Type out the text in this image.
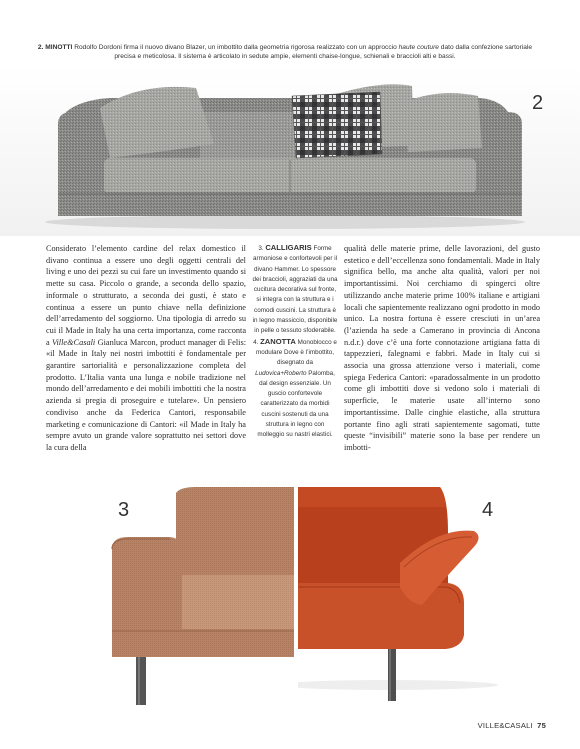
2. MINOTTI Rodolfo Dordoni firma il nuovo divano Blazer, un imbottito dalla geometria rigorosa realizzato con un approccio haute couture dato dalla confezione sartoriale precisa e meticolosa. Il sistema è articolato in sedute ampie, elementi chaise-longue, schienali e braccioli alti e bassi.
2

Considerato l’elemento cardine del relax domestico il divano continua a essere uno degli oggetti centrali del living e uno dei pezzi su cui fare un investimento quando si mette su casa. Piccolo o grande, a seconda dello spazio, informale o strutturato, a seconda dei gusti, è stato e continua a essere un punto chiave nella definizione dell’arredamento del soggiorno. Una tipologia di arredo su cui il Made in Italy ha una certa importanza, come racconta a Ville&Casali Gianluca Marcon, product manager di Felis: «il Made in Italy nei nostri imbottiti è fondamentale per garantire sartorialità e personalizzazione completa del prodotto. L’Italia vanta una lunga e nobile tradizione nel mondo dell’arredamento e dei mobili imbottiti che la nostra azienda si pregia di proseguire e tutelare». Un pensiero condiviso anche da Federica Cantori, responsabile marketing e comunicazione di Cantori: «il Made in Italy ha sempre avuto un grande valore soprattutto nei settori dove la cura della

3. CALLIGARIS Forme armoniose e confortevoli per il divano Hammer. Lo spessore dei braccioli, aggraziati da una cucitura decorativa sul fronte, si integra con la struttura e i comodi cuscini. La struttura è in legno massiccio, disponibile in pelle o tessuto sfoderabile.
4. ZANOTTA Monoblocco e modulare Dove è l’imbottito, disegnato da Ludovica+Roberto Palomba, dal design essenziale. Un guscio confortevole caratterizzato da morbidi cuscini sostenuti da una struttura in legno con molleggio su nastri elastici.

qualità delle materie prime, delle lavorazioni, del gusto estetico e dell’eccellenza sono fondamentali. Made in Italy significa bello, ma anche alta qualità, valori per noi importantissimi. Noi cerchiamo di spingerci oltre utilizzando anche materie prime 100% italiane e artigiani locali che sapientemente realizzano ogni prodotto in modo unico. La nostra fortuna è essere cresciuti in un’area (l’azienda ha sede a Camerano in provincia di Ancona n.d.r.) dove c’è una forte connotazione artigiana fatta di tappezzieri, falegnami e fabbri. Made in Italy cui si associa una grossa attenzione verso i materiali, come spiega Federica Cantori: «paradossalmente in un prodotto come gli imbottiti dove si vedono solo i materiali di superficie, le materie usate all’interno sono importantissime. Dalle cinghie elastiche, alla struttura portante fino agli strati sapientemente sagomati, tutte queste “invisibili” materie sono la base per rendere un imbotti-

3	4
VILLE&CASALI 75
